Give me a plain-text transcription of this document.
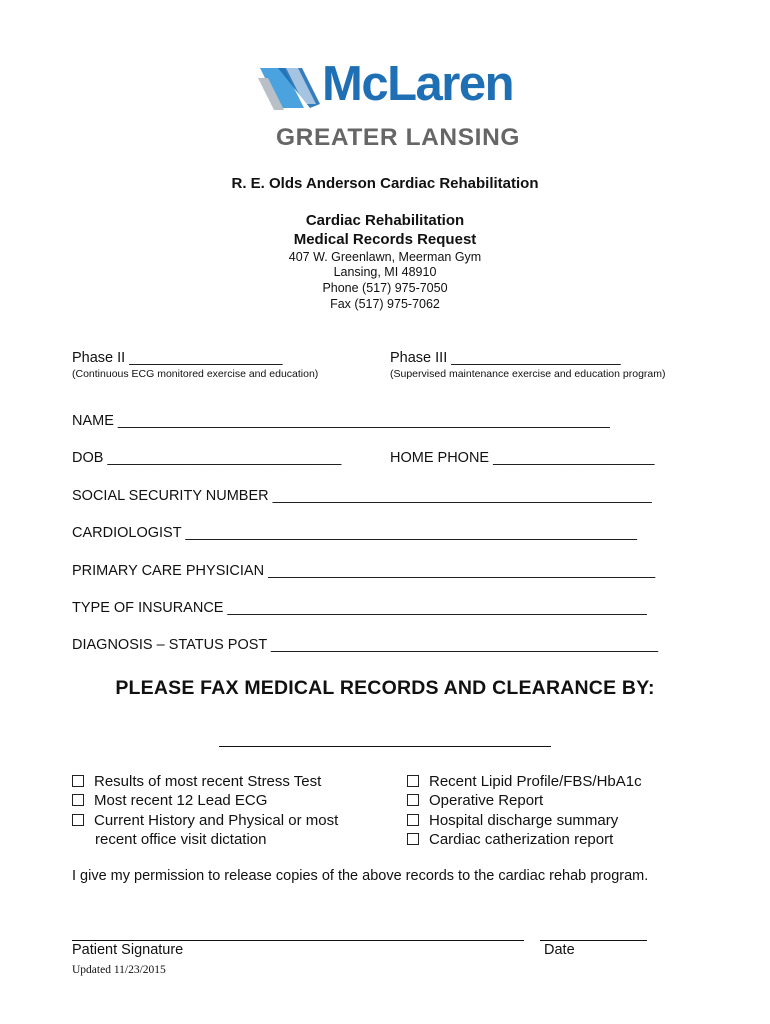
McLaren
GREATER LANSING
R. E. Olds Anderson Cardiac Rehabilitation
Cardiac Rehabilitation
Medical Records Request
407 W. Greenlawn, Meerman Gym
Lansing, MI 48910
Phone (517) 975-7050
Fax (517) 975-7062
Phase II ___________________
(Continuous ECG monitored exercise and education)
Phase III _____________________
(Supervised maintenance exercise and education program)
NAME _____________________________________________________________
DOB _____________________________	HOME PHONE ____________________
SOCIAL SECURITY NUMBER _______________________________________________
CARDIOLOGIST ________________________________________________________
PRIMARY CARE PHYSICIAN ________________________________________________
TYPE OF INSURANCE ____________________________________________________
DIAGNOSIS – STATUS POST ________________________________________________
PLEASE FAX MEDICAL RECORDS AND CLEARANCE BY:
Results of most recent Stress Test
Most recent 12 Lead ECG
Current History and Physical or most
recent office visit dictation
Recent Lipid Profile/FBS/HbA1c
Operative Report
Hospital discharge summary
Cardiac catherization report
I give my permission to release copies of the above records to the cardiac rehab program.
Patient Signature	Date
Updated 11/23/2015
